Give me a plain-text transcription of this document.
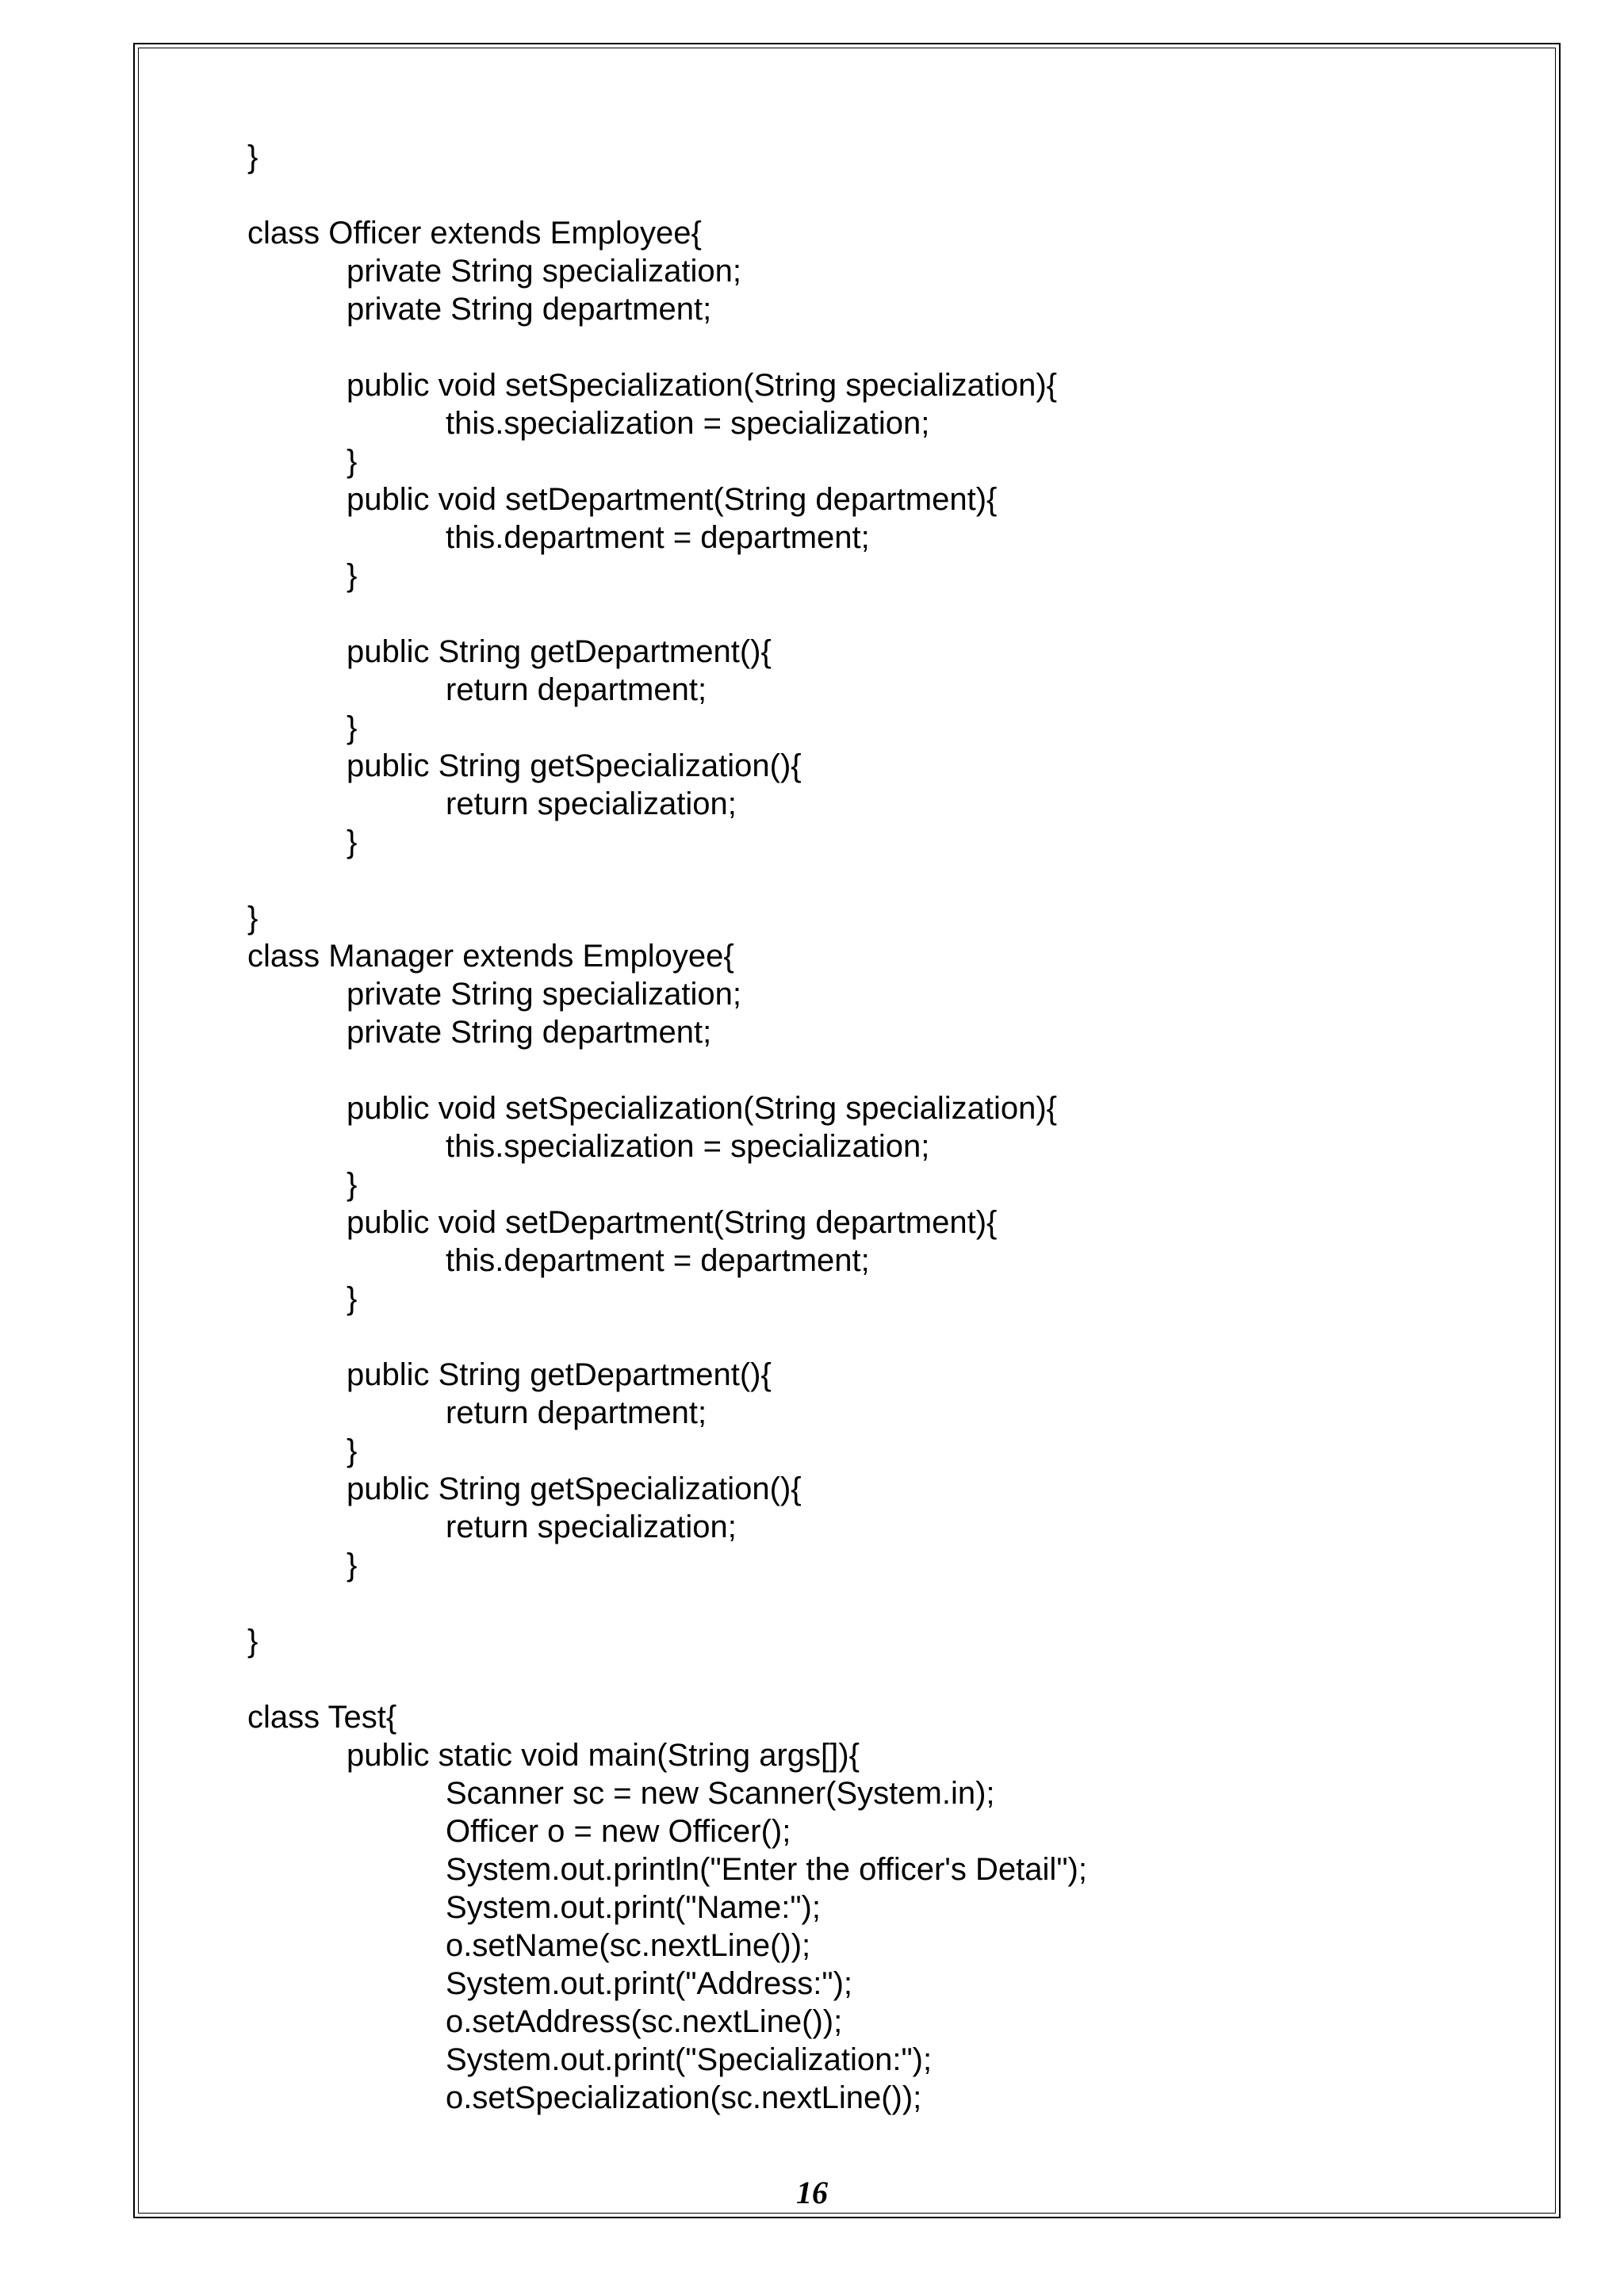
}
class Officer extends Employee{
private String specialization;
private String department;
public void setSpecialization(String specialization){
this.specialization = specialization;
}
public void setDepartment(String department){
this.department = department;
}
public String getDepartment(){
return department;
}
public String getSpecialization(){
return specialization;
}
}
class Manager extends Employee{
private String specialization;
private String department;
public void setSpecialization(String specialization){
this.specialization = specialization;
}
public void setDepartment(String department){
this.department = department;
}
public String getDepartment(){
return department;
}
public String getSpecialization(){
return specialization;
}
}
class Test{
public static void main(String args[]){
Scanner sc = new Scanner(System.in);
Officer o = new Officer();
System.out.println("Enter the officer's Detail");
System.out.print("Name:");
o.setName(sc.nextLine());
System.out.print("Address:");
o.setAddress(sc.nextLine());
System.out.print("Specialization:");
o.setSpecialization(sc.nextLine());
16
